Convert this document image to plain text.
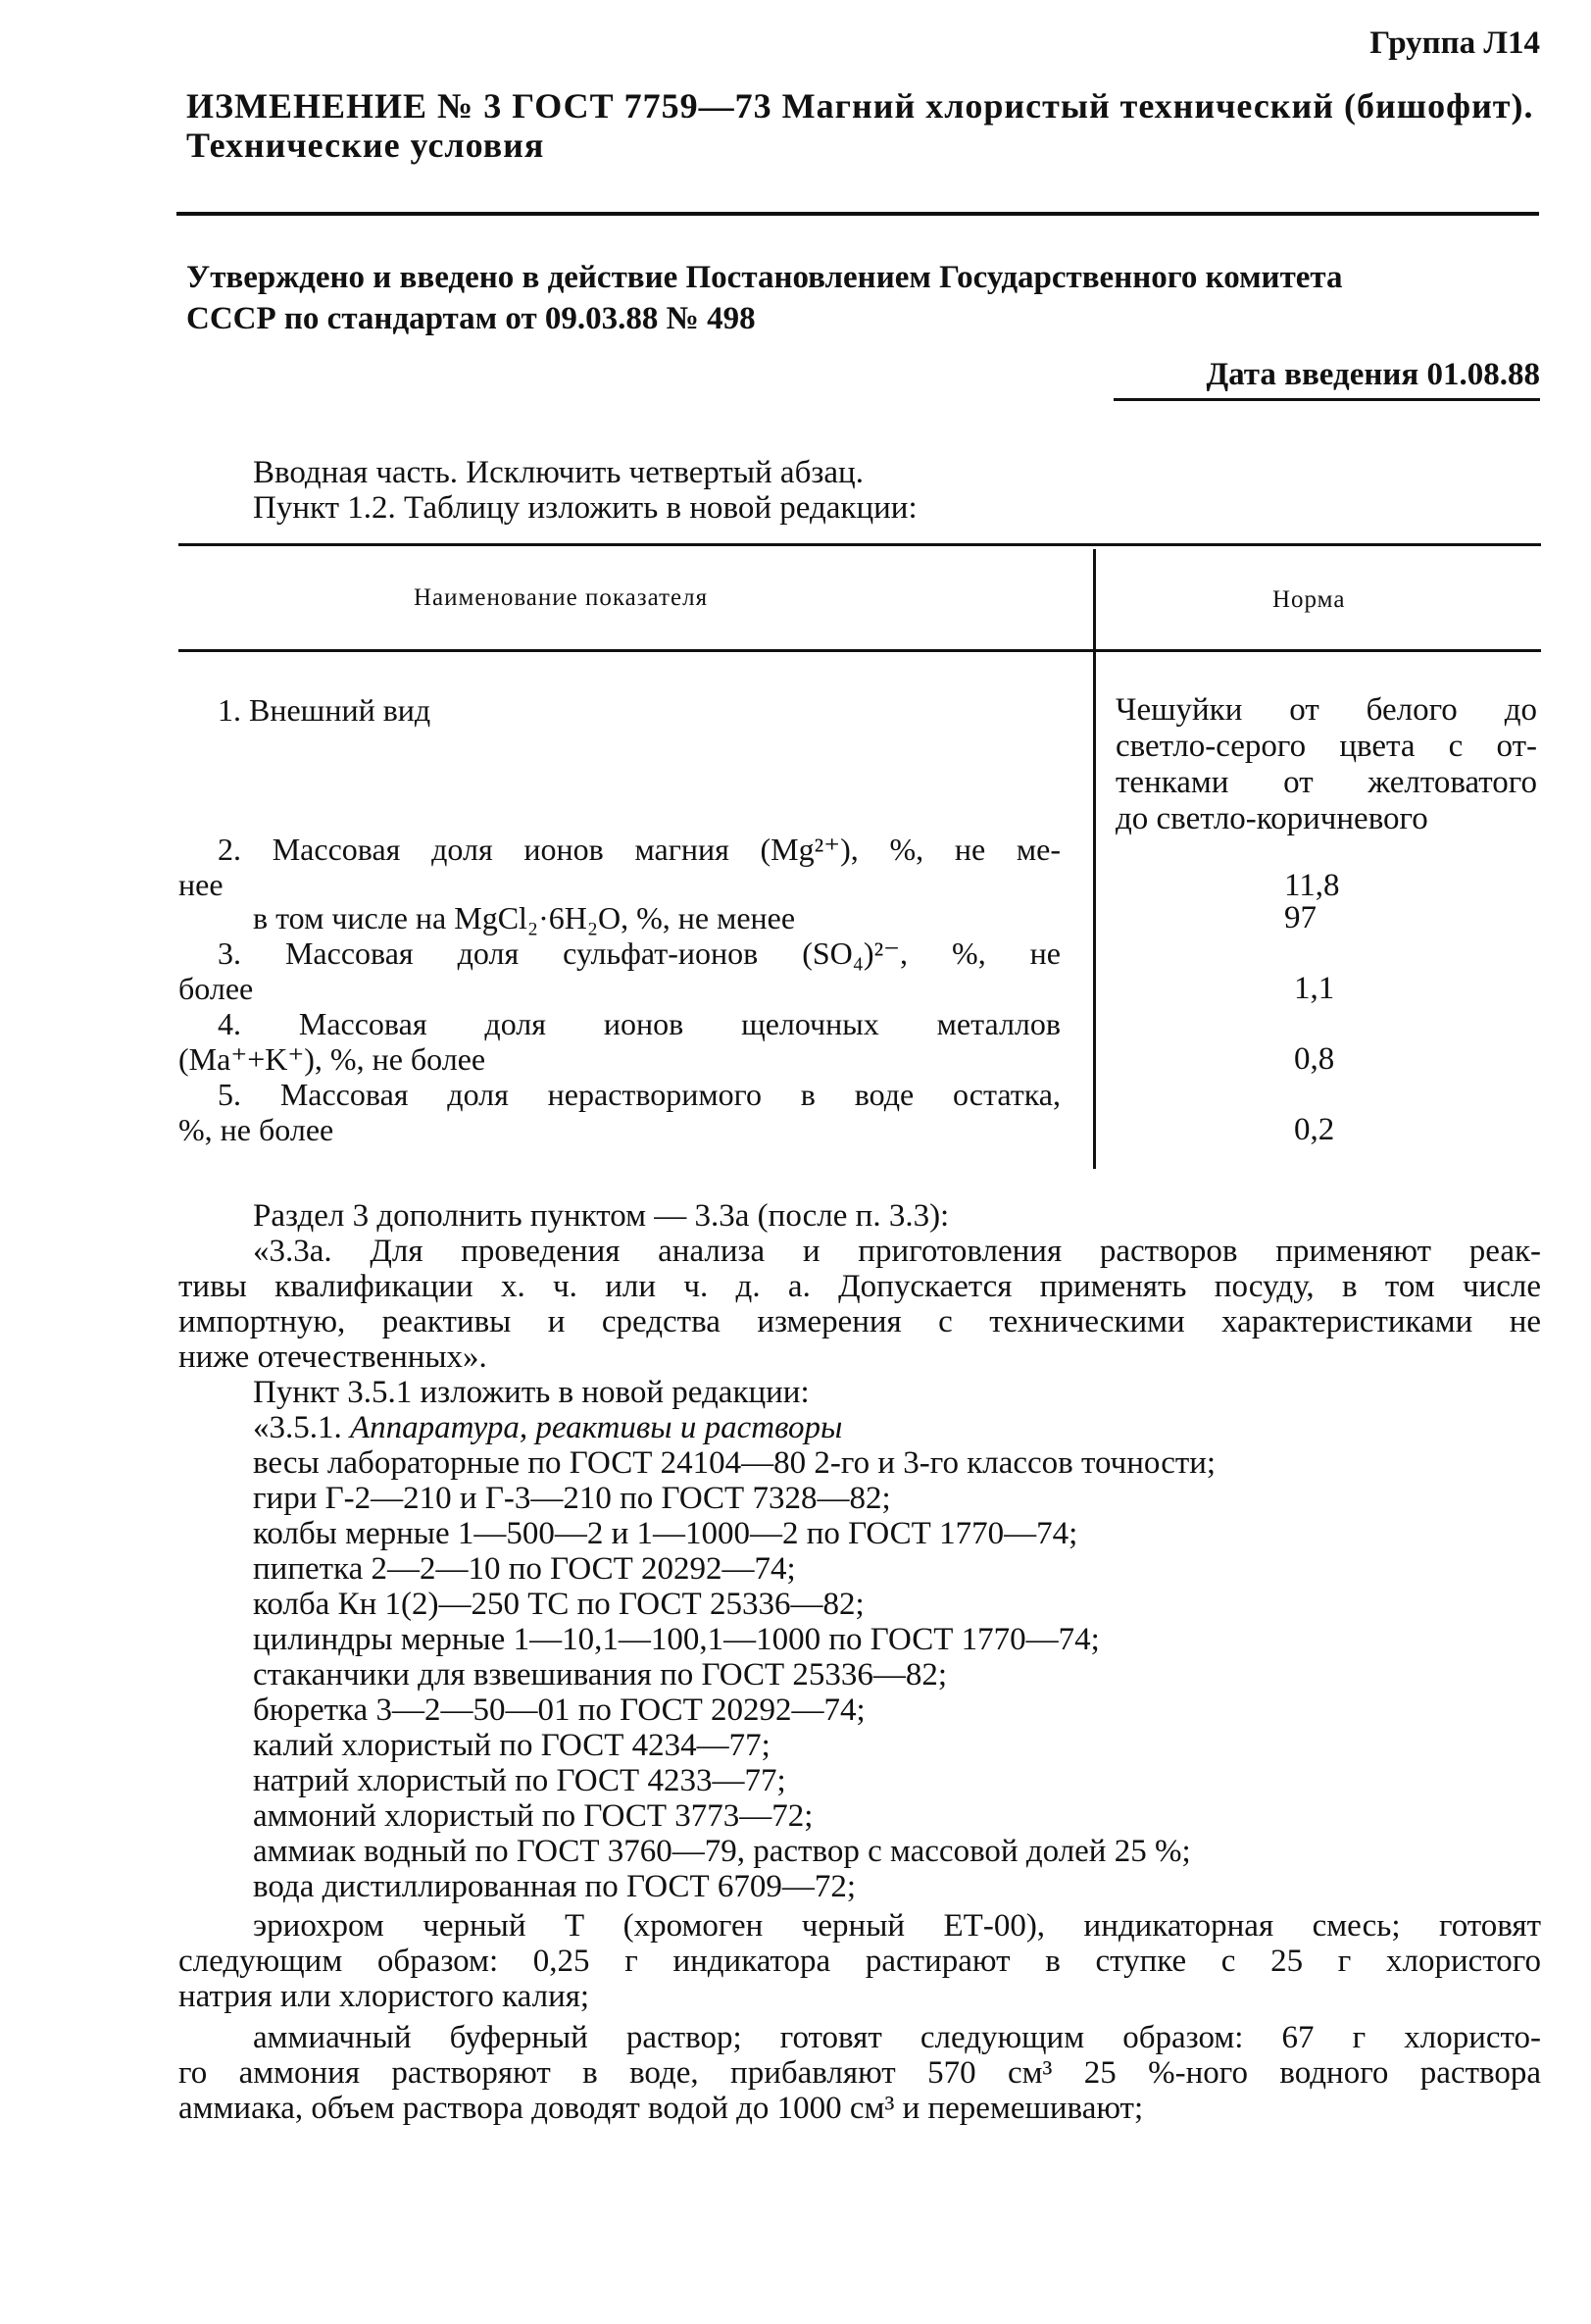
Группа Л14
ИЗМЕНЕНИЕ № 3 ГОСТ 7759—73 Магний хлористый технический (бишофит).
Технические условия
Утверждено и введено в действие Постановлением Государственного комитета
СССР по стандартам от 09.03.88 № 498
Дата введения 01.08.88
Вводная часть. Исключить четвертый абзац.
Пункт 1.2. Таблицу изложить в новой редакции:
Наименование показателя	Норма
1. Внешний вид	Чешуйки от белого до
светло-серого цвета с от-
тенками от желтоватого
до светло-коричневого
2. Массовая доля ионов магния (Mg²⁺), %, не ме-
нее	11,8
в том числе на MgCl₂·6H₂O, %, не менее	97
3. Массовая доля сульфат-ионов (SO₄)²⁻, %, не
более	1,1
4. Массовая доля ионов щелочных металлов
(Ma⁺+K⁺), %, не более	0,8
5. Массовая доля нерастворимого в воде остатка,
%, не более	0,2
Раздел 3 дополнить пунктом — 3.3а (после п. 3.3):
«3.3а. Для проведения анализа и приготовления растворов применяют реак-
тивы квалификации х. ч. или ч. д. а. Допускается применять посуду, в том числе
импортную, реактивы и средства измерения с техническими характеристиками не
ниже отечественных».
Пункт 3.5.1 изложить в новой редакции:
«3.5.1. Аппаратура, реактивы и растворы
весы лабораторные по ГОСТ 24104—80 2-го и 3-го классов точности;
гири Г-2—210 и Г-3—210 по ГОСТ 7328—82;
колбы мерные 1—500—2 и 1—1000—2 по ГОСТ 1770—74;
пипетка 2—2—10 по ГОСТ 20292—74;
колба Кн 1(2)—250 ТС по ГОСТ 25336—82;
цилиндры мерные 1—10,1—100,1—1000 по ГОСТ 1770—74;
стаканчики для взвешивания по ГОСТ 25336—82;
бюретка 3—2—50—01 по ГОСТ 20292—74;
калий хлористый по ГОСТ 4234—77;
натрий хлористый по ГОСТ 4233—77;
аммоний хлористый по ГОСТ 3773—72;
аммиак водный по ГОСТ 3760—79, раствор с массовой долей 25 %;
вода дистиллированная по ГОСТ 6709—72;
эриохром черный Т (хромоген черный ЕТ-00), индикаторная смесь; готовят
следующим образом: 0,25 г индикатора растирают в ступке с 25 г хлористого
натрия или хлористого калия;
аммиачный буферный раствор; готовят следующим образом: 67 г хлористо-
го аммония растворяют в воде, прибавляют 570 см³ 25 %-ного водного раствора
аммиака, объем раствора доводят водой до 1000 см³ и перемешивают;
